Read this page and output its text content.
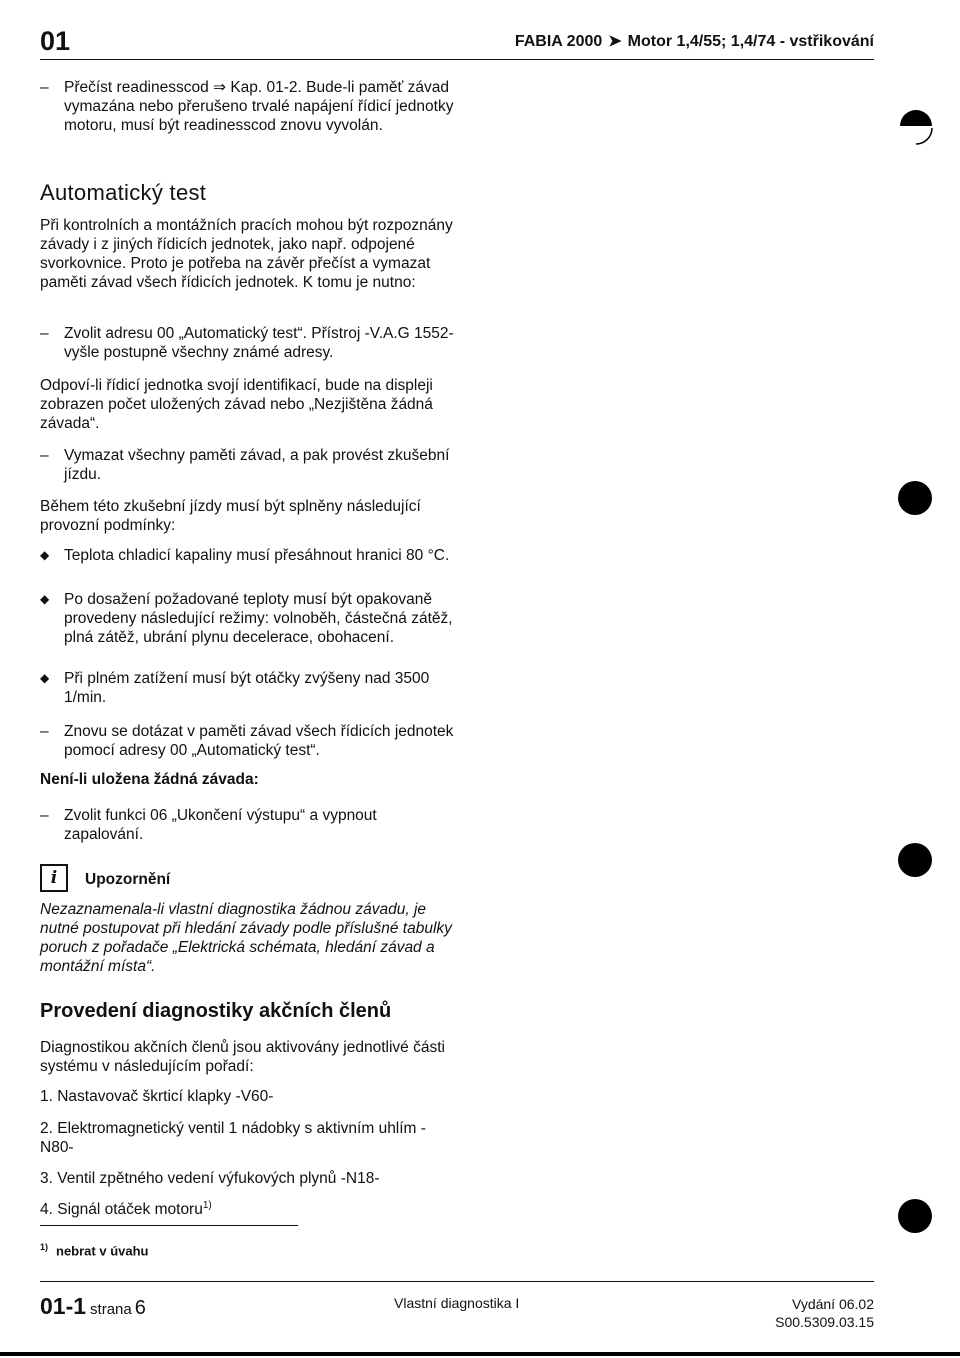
01	FABIA 2000 ➤ Motor 1,4/55; 1,4/74 - vstřikování
– Přečíst readinesscod ⇒ Kap. 01-2. Bude-li paměť závad vymazána nebo přerušeno trvalé napájení řídicí jednotky motoru, musí být readinesscod znovu vyvolán.
Automatický test

Při kontrolních a montážních pracích mohou být rozpoznány závady i z jiných řídicích jednotek, jako např. odpojené svorkovnice. Proto je potřeba na závěr přečíst a vymazat paměti závad všech řídicích jednotek. K tomu je nutno:

– Zvolit adresu 00 „Automatický test“. Přístroj -V.A.G 1552- vyšle postupně všechny známé adresy.

Odpoví-li řídicí jednotka svojí identifikací, bude na displeji zobrazen počet uložených závad nebo „Nezjištěna žádná závada“.

– Vymazat všechny paměti závad, a pak provést zkušební jízdu.

Během této zkušební jízdy musí být splněny následující provozní podmínky:

◆ Teplota chladicí kapaliny musí přesáhnout hranici 80 °C.
◆ Po dosažení požadované teploty musí být opakovaně provedeny následující režimy: volnoběh, částečná zátěž, plná zátěž, ubrání plynu decelerace, obohacení.
◆ Při plném zatížení musí být otáčky zvýšeny nad 3500 1/min.
– Znovu se dotázat v paměti závad všech řídicích jednotek pomocí adresy 00 „Automatický test“.
Není-li uložena žádná závada:
– Zvolit funkci 06 „Ukončení výstupu“ a vypnout zapalování.
i Upozornění
Nezaznamenala-li vlastní diagnostika žádnou závadu, je nutné postupovat při hledání závady podle příslušné tabulky poruch z pořadače „Elektrická schémata, hledání závad a montážní místa“.
Provedení diagnostiky akčních členů

Diagnostikou akčních členů jsou aktivovány jednotlivé části systému v následujícím pořadí:

1. Nastavovač škrticí klapky -V60-
2. Elektromagnetický ventil 1 nádobky s aktivním uhlím -N80-
3. Ventil zpětného vedení výfukových plynů -N18-
4. Signál otáček motoru$^{1)}$
$^{1)}$ nebrat v úvahu
01-1 strana 6	Vlastní diagnostika I	Vydání 06.02
S00.5309.03.15
